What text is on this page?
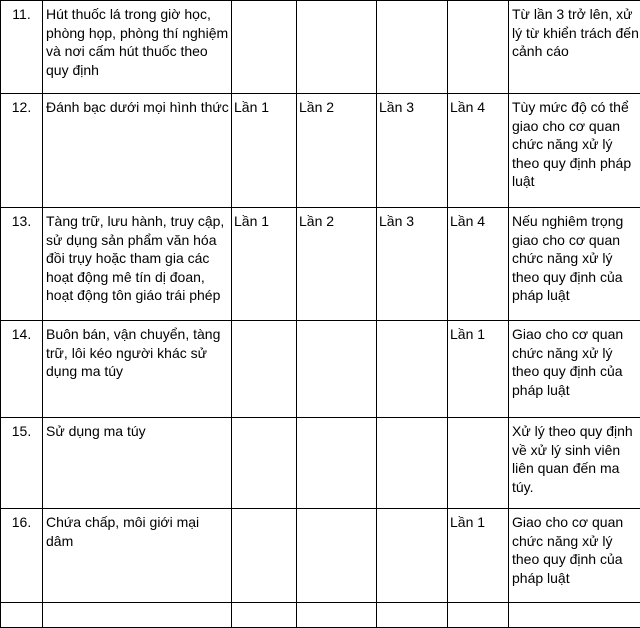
11.	Hút thuốc lá trong giờ học, phòng họp, phòng thí nghiệm và nơi cấm hút thuốc theo quy định					Từ lần 3 trở lên, xử lý từ khiển trách đến cảnh cáo
12.	Đánh bạc dưới mọi hình thức	Lần 1	Lần 2	Lần 3	Lần 4	Tùy mức độ có thể giao cho cơ quan chức năng xử lý theo quy định pháp luật
13.	Tàng trữ, lưu hành, truy cập, sử dụng sản phẩm văn hóa đồi trụy hoặc tham gia các hoạt động mê tín dị đoan, hoạt động tôn giáo trái phép	Lần 1	Lần 2	Lần 3	Lần 4	Nếu nghiêm trọng giao cho cơ quan chức năng xử lý theo quy định của pháp luật
14.	Buôn bán, vận chuyển, tàng trữ, lôi kéo người khác sử dụng ma túy				Lần 1	Giao cho cơ quan chức năng xử lý theo quy định của pháp luật
15.	Sử dụng ma túy					Xử lý theo quy định về xử lý sinh viên liên quan đến ma túy.
16.	Chứa chấp, môi giới mại dâm				Lần 1	Giao cho cơ quan chức năng xử lý theo quy định của pháp luật
